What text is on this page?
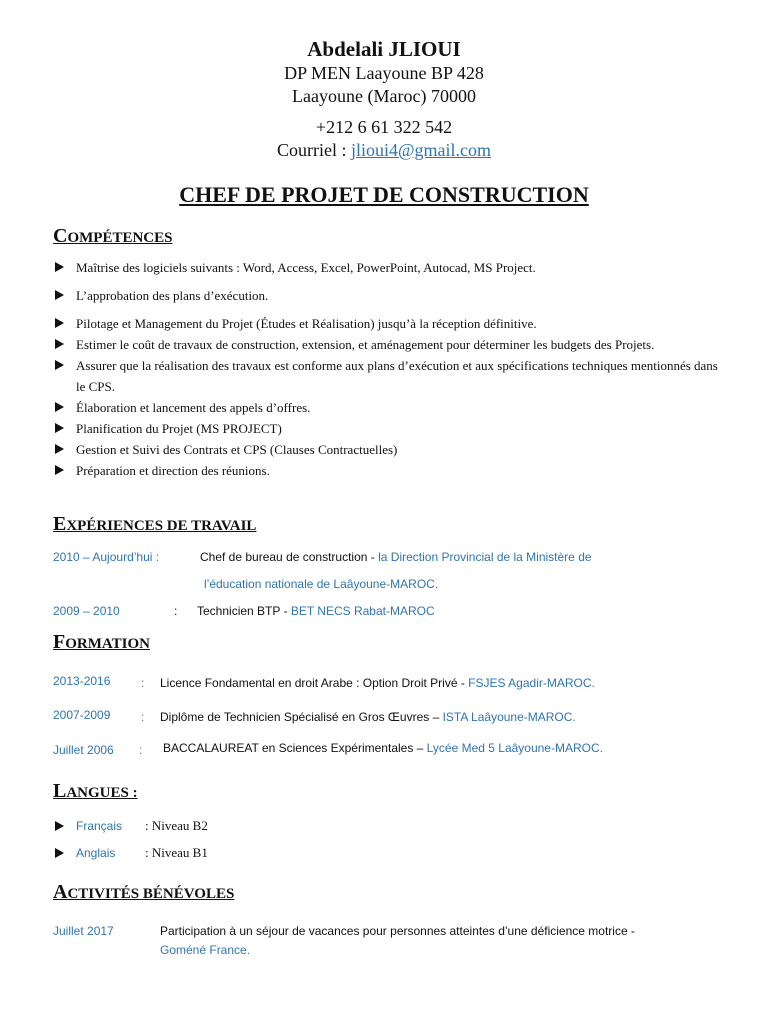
Abdelali JLIOUI
DP MEN Laayoune BP 428
Laayoune (Maroc) 70000
+212 6 61 322 542
Courriel : jlioui4@gmail.com
CHEF DE PROJET DE CONSTRUCTION
COMPÉTENCES
Maîtrise des logiciels suivants : Word, Access, Excel, PowerPoint, Autocad, MS Project.
L’approbation des plans d’exécution.
Pilotage et Management du Projet (Études et Réalisation) jusqu’à la réception définitive.
Estimer le coût de travaux de construction, extension, et aménagement pour déterminer les budgets des Projets.
Assurer que la réalisation des travaux est conforme aux plans d’exécution et aux spécifications techniques mentionnés dans le CPS.
Élaboration et lancement des appels d’offres.
Planification du Projet (MS PROJECT)
Gestion et Suivi des Contrats et CPS (Clauses Contractuelles)
Préparation et direction des réunions.
EXPÉRIENCES DE TRAVAIL
2010 – Aujourd’hui :	Chef de bureau de construction - la Direction Provincial de la Ministère de
l’éducation nationale de Laâyoune-MAROC.
2009 – 2010	: Technicien BTP - BET NECS Rabat-MAROC
FORMATION
2013-2016	: Licence Fondamental en droit Arabe : Option Droit Privé - FSJES Agadir-MAROC.
2007-2009	: Diplôme de Technicien Spécialisé en Gros Œuvres – ISTA Laâyoune-MAROC.
Juillet 2006 : BACCALAUREAT en Sciences Expérimentales – Lycée Med 5 Laâyoune-MAROC.
LANGUES :
Français : Niveau B2
Anglais : Niveau B1
ACTIVITÉS BÉNÉVOLES
Juillet 2017	Participation à un séjour de vacances pour personnes atteintes d’une déficience motrice -
Goméné France.
